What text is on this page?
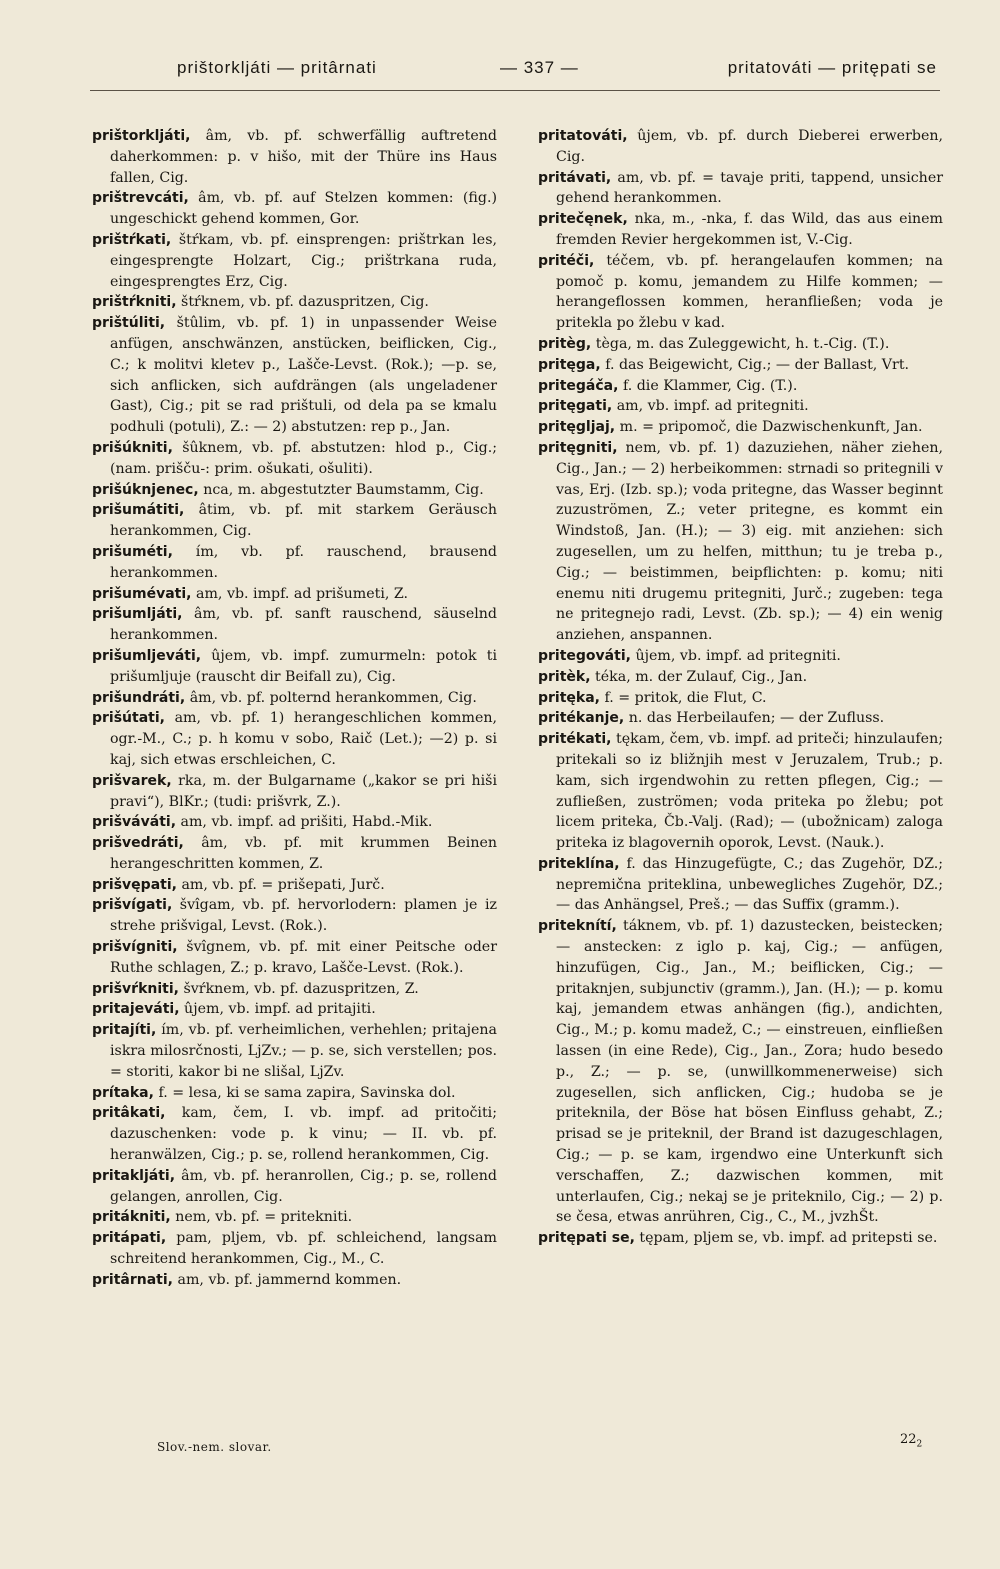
prištorkljáti — pritârnati	— 337 —	pritatováti — pritępati se

prištorkljáti, âm, vb. pf. schwerfällig auftretend daherkommen: p. v hišo, mit der Thüre ins Haus fallen, Cig.

prištrevcáti, âm, vb. pf. auf Stelzen kommen: (fig.) ungeschickt gehend kommen, Gor.

prištŕkati, štŕkam, vb. pf. einsprengen: prištrkan les, eingesprengte Holzart, Cig.; prištrkana ruda, eingesprengtes Erz, Cig.

prištŕkniti, štŕknem, vb. pf. dazuspritzen, Cig.

prištúliti, štûlim, vb. pf. 1) in unpassender Weise anfügen, anschwänzen, anstücken, beiflicken, Cig., C.; k molitvi kletev p., Lašče-Levst. (Rok.); —p. se, sich anflicken, sich aufdrängen (als ungeladener Gast), Cig.; pit se rad prištuli, od dela pa se kmalu podhuli (potuli), Z.: — 2) abstutzen: rep p., Jan.

prišúkniti, šûknem, vb. pf. abstutzen: hlod p., Cig.; (nam. prišču-: prim. ošukati, ošuliti).

prišúknjenec, nca, m. abgestutzter Baumstamm, Cig.

prišumátiti, âtim, vb. pf. mit starkem Geräusch herankommen, Cig.

prišuméti, ím, vb. pf. rauschend, brausend herankommen.

prišumévati, am, vb. impf. ad prišumeti, Z.

prišumljáti, âm, vb. pf. sanft rauschend, säuselnd herankommen.

prišumljeváti, ûjem, vb. impf. zumurmeln: potok ti prišumljuje (rauscht dir Beifall zu), Cig.

prišundráti, âm, vb. pf. polternd herankommen, Cig.

prišútati, am, vb. pf. 1) herangeschlichen kommen, ogr.-M., C.; p. h komu v sobo, Raič (Let.); —2) p. si kaj, sich etwas erschleichen, C.

prišvarek, rka, m. der Bulgarname („kakor se pri hiši pravi“), BlKr.; (tudi: prišvrk, Z.).

prišváváti, am, vb. impf. ad prišiti, Habd.-Mik.

prišvedráti, âm, vb. pf. mit krummen Beinen herangeschritten kommen, Z.

prišvępati, am, vb. pf. = prišepati, Jurč.

prišvígati, švîgam, vb. pf. hervorlodern: plamen je iz strehe prišvigal, Levst. (Rok.).

prišvígniti, švîgnem, vb. pf. mit einer Peitsche oder Ruthe schlagen, Z.; p. kravo, Lašče-Levst. (Rok.).

prišvŕkniti, švŕknem, vb. pf. dazuspritzen, Z.

pritajeváti, ûjem, vb. impf. ad pritajiti.

pritajíti, ím, vb. pf. verheimlichen, verhehlen; pritajena iskra milosrčnosti, LjZv.; — p. se, sich verstellen; pos. = storiti, kakor bi ne slišal, LjZv.

prítaka, f. = lesa, ki se sama zapira, Savinska dol.

pritâkati, kam, čem, I. vb. impf. ad pritočiti; dazuschenken: vode p. k vinu; — II. vb. pf. heranwälzen, Cig.; p. se, rollend herankommen, Cig.

pritakljáti, âm, vb. pf. heranrollen, Cig.; p. se, rollend gelangen, anrollen, Cig.

pritákniti, nem, vb. pf. = pritekniti.

pritápati, pam, pljem, vb. pf. schleichend, langsam schreitend herankommen, Cig., M., C.

pritârnati, am, vb. pf. jammernd kommen.

pritatováti, ûjem, vb. pf. durch Dieberei erwerben, Cig.

pritávati, am, vb. pf. = tavaje priti, tappend, unsicher gehend herankommen.

pritečęnek, nka, m., -nka, f. das Wild, das aus einem fremden Revier hergekommen ist, V.-Cig.

pritéči, téčem, vb. pf. herangelaufen kommen; na pomoč p. komu, jemandem zu Hilfe kommen; — herangeflossen kommen, heranfließen; voda je pritekla po žlebu v kad.

pritèg, tèga, m. das Zuleggewicht, h. t.-Cig. (T.).

pritęga, f. das Beigewicht, Cig.; — der Ballast, Vrt.

pritegáča, f. die Klammer, Cig. (T.).

pritęgati, am, vb. impf. ad pritegniti.

pritęgljaj, m. = pripomoč, die Dazwischenkunft, Jan.

pritęgniti, nem, vb. pf. 1) dazuziehen, näher ziehen, Cig., Jan.; — 2) herbeikommen: strnadi so pritegnili v vas, Erj. (Izb. sp.); voda pritegne, das Wasser beginnt zuzuströmen, Z.; veter pritegne, es kommt ein Windstoß, Jan. (H.); — 3) eig. mit anziehen: sich zugesellen, um zu helfen, mitthun; tu je treba p., Cig.; — beistimmen, beipflichten: p. komu; niti enemu niti drugemu pritegniti, Jurč.; zugeben: tega ne pritegnejo radi, Levst. (Zb. sp.); — 4) ein wenig anziehen, anspannen.

pritegováti, ûjem, vb. impf. ad pritegniti.

pritèk, téka, m. der Zulauf, Cig., Jan.

pritęka, f. = pritok, die Flut, C.

pritékanje, n. das Herbeilaufen; — der Zufluss.

pritékati, tękam, čem, vb. impf. ad priteči; hinzulaufen; pritekali so iz bližnjih mest v Jeruzalem, Trub.; p. kam, sich irgendwohin zu retten pflegen, Cig.; — zufließen, zuströmen; voda priteka po žlebu; pot licem priteka, Čb.-Valj. (Rad); — (ubožnicam) zaloga priteka iz blagovernih oporok, Levst. (Nauk.).

priteklína, f. das Hinzugefügte, C.; das Zugehör, DZ.; nepremična priteklina, unbewegliches Zugehör, DZ.; — das Anhängsel, Preš.; — das Suffix (gramm.).

priteknítí, táknem, vb. pf. 1) dazustecken, beistecken; — anstecken: z iglo p. kaj, Cig.; — anfügen, hinzufügen, Cig., Jan., M.; beiflicken, Cig.; — pritaknjen, subjunctiv (gramm.), Jan. (H.); — p. komu kaj, jemandem etwas anhängen (fig.), andichten, Cig., M.; p. komu madež, C.; — einstreuen, einfließen lassen (in eine Rede), Cig., Jan., Zora; hudo besedo p., Z.; — p. se, (unwillkommenerweise) sich zugesellen, sich anflicken, Cig.; hudoba se je priteknila, der Böse hat bösen Einfluss gehabt, Z.; prisad se je priteknil, der Brand ist dazugeschlagen, Cig.; — p. se kam, irgendwo eine Unterkunft sich verschaffen, Z.; dazwischen kommen, mit unterlaufen, Cig.; nekaj se je priteknilo, Cig.; — 2) p. se česa, etwas anrühren, Cig., C., M., jvzhŠt.

pritępati se, tępam, pljem se, vb. impf. ad pritepsti se.

Slov.-nem. slovar.	$22_2$
